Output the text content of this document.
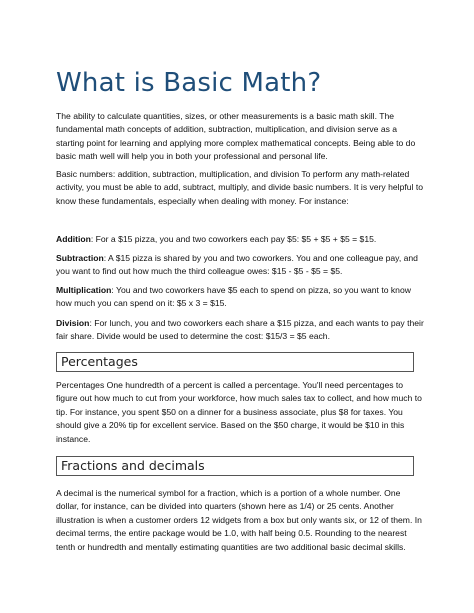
What is Basic Math?

The ability to calculate quantities, sizes, or other measurements is a basic math skill. The fundamental math concepts of addition, subtraction, multiplication, and division serve as a starting point for learning and applying more complex mathematical concepts. Being able to do basic math well will help you in both your professional and personal life.

Basic numbers: addition, subtraction, multiplication, and division To perform any math-related activity, you must be able to add, subtract, multiply, and divide basic numbers. It is very helpful to know these fundamentals, especially when dealing with money. For instance:

Addition: For a $15 pizza, you and two coworkers each pay $5: $5 + $5 + $5 = $15.

Subtraction: A $15 pizza is shared by you and two coworkers. You and one colleague pay, and you want to find out how much the third colleague owes: $15 - $5 - $5 = $5.

Multiplication: You and two coworkers have $5 each to spend on pizza, so you want to know how much you can spend on it: $5 x 3 = $15.

Division: For lunch, you and two coworkers each share a $15 pizza, and each wants to pay their fair share. Divide would be used to determine the cost: $15/3 = $5 each.

Percentages

Percentages One hundredth of a percent is called a percentage. You'll need percentages to figure out how much to cut from your workforce, how much sales tax to collect, and how much to tip. For instance, you spent $50 on a dinner for a business associate, plus $8 for taxes. You should give a 20% tip for excellent service. Based on the $50 charge, it would be $10 in this instance.

Fractions and decimals

A decimal is the numerical symbol for a fraction, which is a portion of a whole number. One dollar, for instance, can be divided into quarters (shown here as 1/4) or 25 cents. Another illustration is when a customer orders 12 widgets from a box but only wants six, or 12 of them. In decimal terms, the entire package would be 1.0, with half being 0.5. Rounding to the nearest tenth or hundredth and mentally estimating quantities are two additional basic decimal skills.
